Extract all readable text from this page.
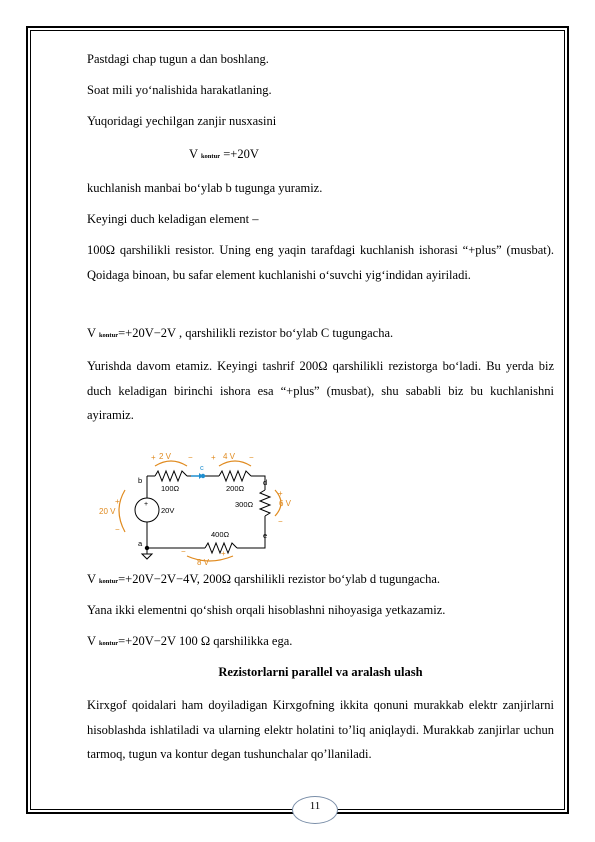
Pastdagi chap tugun a dan boshlang.
Soat mili yo‘nalishida harakatlaning.
Yuqoridagi yechilgan zanjir nusxasini
V kontur =+20V
kuchlanish manbai bo‘ylab b tugunga yuramiz.
Keyingi duch keladigan element –
100Ω qarshilikli resistor. Uning eng yaqin tarafdagi kuchlanish ishorasi “+plus” (musbat). Qoidaga binoan, bu safar element kuchlanishi o‘suvchi yig‘indidan ayiriladi.
V kontur=+20V−2V , qarshilikli rezistor bo‘ylab C tugungacha.
Yurishda davom etamiz. Keyingi tashrif 200Ω qarshilikli rezistorga bo‘ladi. Bu yerda biz duch keladigan birinchi ishora esa “+plus” (musbat), shu sababli biz bu kuchlanishni ayiramiz.
+
2 V	4 V
20 V
6 V
8 V
+	− +	−
+
−
+
−
−	+
100Ω	200Ω
300Ω
400Ω
20V
b
c
d
a
e
V kontur=+20V−2V−4V, 200Ω qarshilikli rezistor bo‘ylab d tugungacha.
Yana ikki elementni qo‘shish orqali hisoblashni nihoyasiga yetkazamiz.
V kontur=+20V−2V 100 Ω qarshilikka ega.
Rezistorlarni parallel va aralash ulash
Kirxgof qoidalari ham doyiladigan Kirxgofning ikkita qonuni murakkab elektr zanjirlarni hisoblashda ishlatiladi va ularning elektr holatini to’liq aniqlaydi. Murakkab zanjirlar uchun tarmoq, tugun va kontur degan tushunchalar qo’llaniladi.
11
